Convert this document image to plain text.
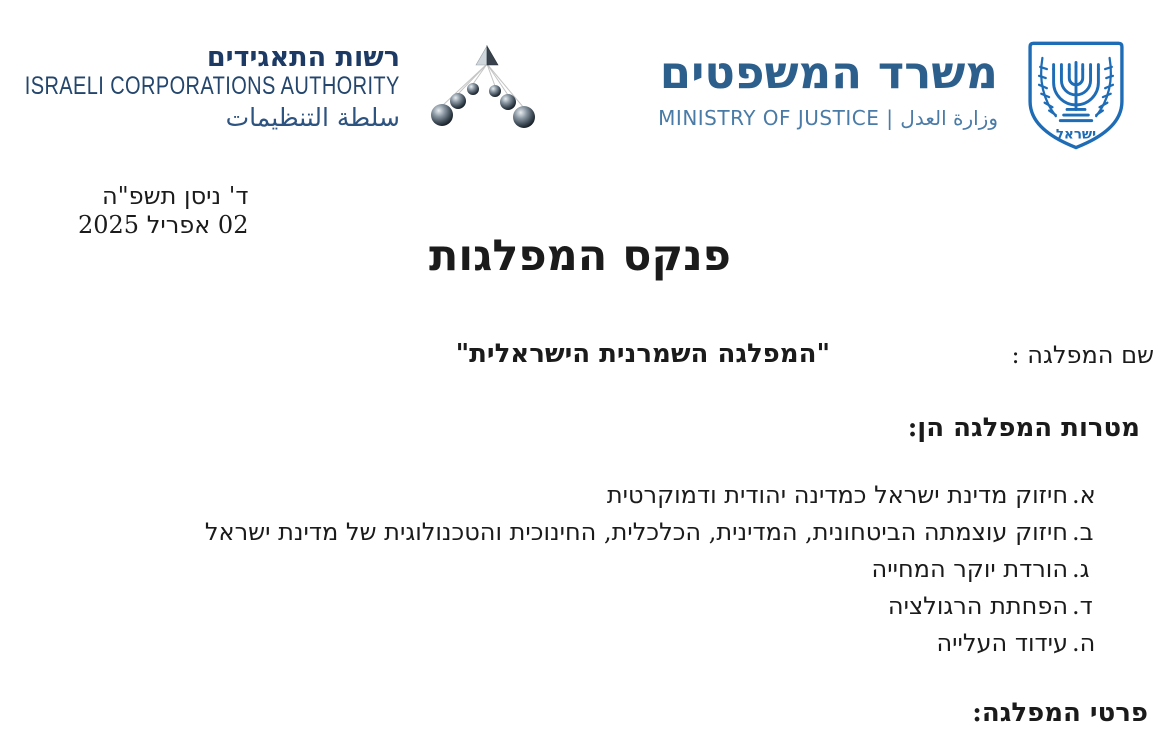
רשות התאגידים
ISRAELI CORPORATIONS AUTHORITY
سلطة التنظيمات
משרד המשפטים
MINISTRY OF JUSTICE | وزارة العدل
ישראל
ד' ניסן תשפ"ה
02 אפריל 2025
פנקס המפלגות
שם המפלגה :
"המפלגה השמרנית הישראלית"
מטרות המפלגה הן:
א.
חיזוק מדינת ישראל כמדינה יהודית ודמוקרטית
ב.
חיזוק עוצמתה הביטחונית, המדינית, הכלכלית, החינוכית והטכנולוגית של מדינת ישראל
ג.
הורדת יוקר המחייה
ד.
הפחתת הרגולציה
ה.
עידוד העלייה
פרטי המפלגה:
